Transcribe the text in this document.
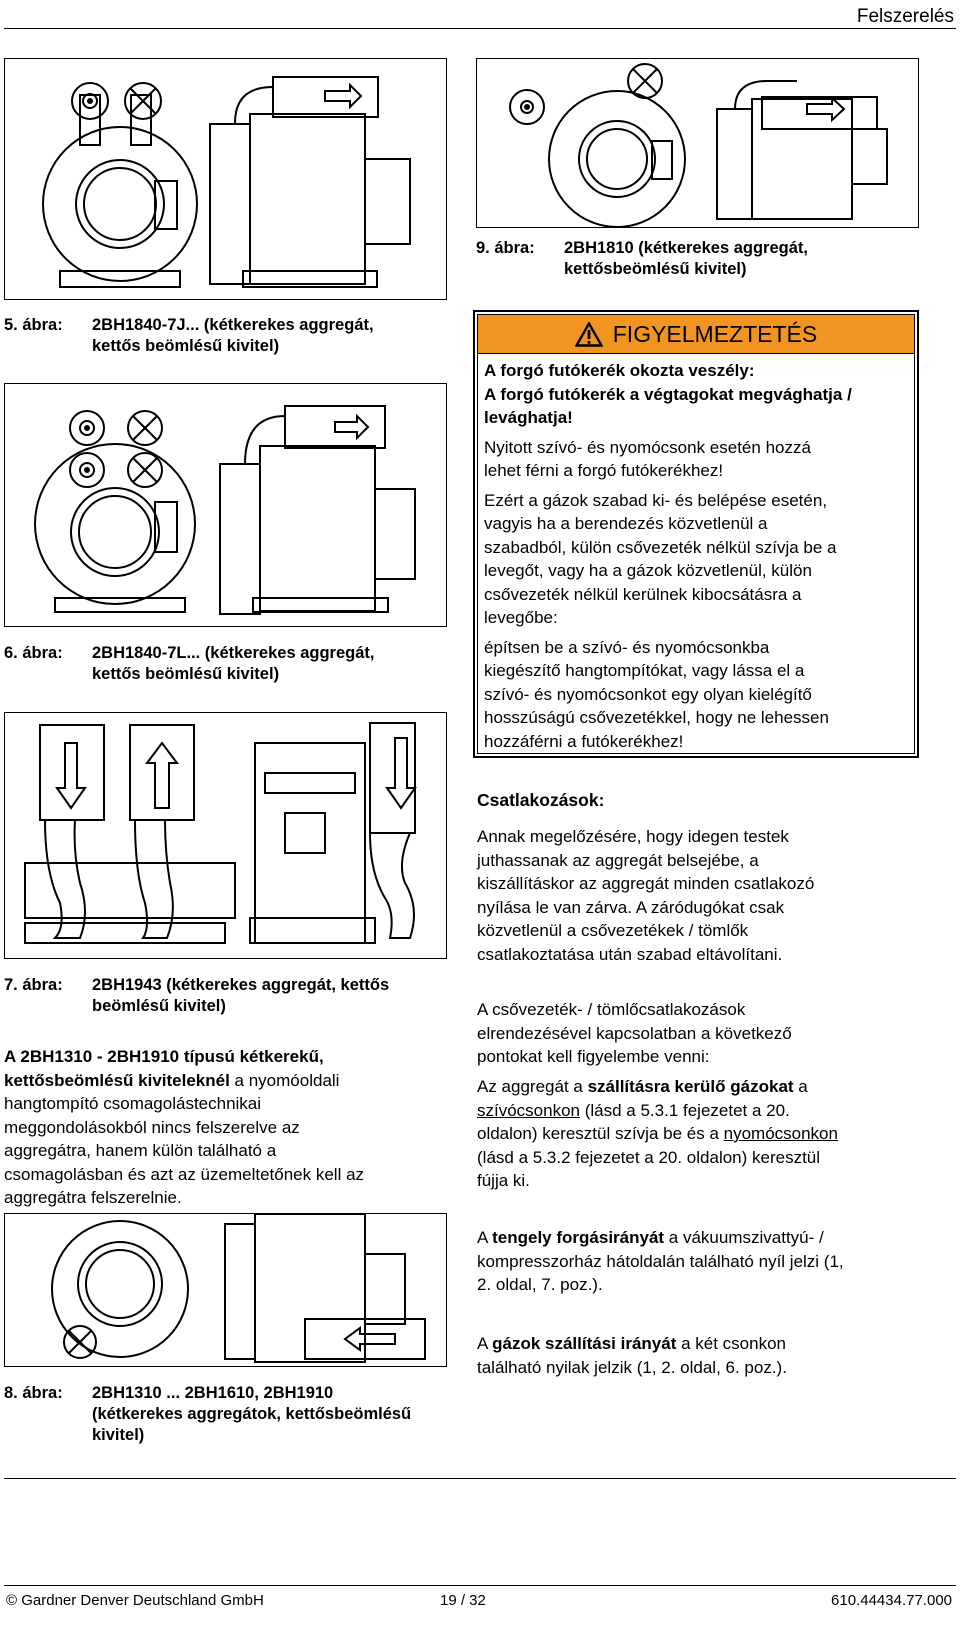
Felszerelés
5. ábra: 2BH1840-7J... (kétkerekes aggregát,
kettős beömlésű kivitel)
6. ábra: 2BH1840-7L... (kétkerekes aggregát,
kettős beömlésű kivitel)
7. ábra: 2BH1943 (kétkerekes aggregát, kettős
beömlésű kivitel)
A 2BH1310 - 2BH1910 típusú kétkerekű,
kettősbeömlésű kiviteleknél a nyomóoldali
hangtompító csomagolástechnikai
meggondolásokból nincs felszerelve az
aggregátra, hanem külön található a
csomagolásban és azt az üzemeltetőnek kell az
aggregátra felszerelnie.
8. ábra: 2BH1310 ... 2BH1610, 2BH1910
(kétkerekes aggregátok, kettősbeömlésű
kivitel)
9. ábra: 2BH1810 (kétkerekes aggregát,
kettősbeömlésű kivitel)
FIGYELMEZTETÉS

A forgó futókerék okozta veszély:
A forgó futókerék a végtagokat megvághatja /
levághatja!

Nyitott szívó- és nyomócsonk esetén hozzá
lehet férni a forgó futókerékhez!

Ezért a gázok szabad ki- és belépése esetén,
vagyis ha a berendezés közvetlenül a
szabadból, külön csővezeték nélkül szívja be a
levegőt, vagy ha a gázok közvetlenül, külön
csővezeték nélkül kerülnek kibocsátásra a
levegőbe:

építsen be a szívó- és nyomócsonkba
kiegészítő hangtompítókat, vagy lássa el a
szívó- és nyomócsonkot egy olyan kielégítő
hosszúságú csővezetékkel, hogy ne lehessen
hozzáférni a futókerékhez!

Csatlakozások:
Annak megelőzésére, hogy idegen testek
juthassanak az aggregát belsejébe, a
kiszállításkor az aggregát minden csatlakozó
nyílása le van zárva. A záródugókat csak
közvetlenül a csővezetékek / tömlők
csatlakoztatása után szabad eltávolítani.
A csővezeték- / tömlőcsatlakozások
elrendezésével kapcsolatban a következő
pontokat kell figyelembe venni:
Az aggregát a szállításra kerülő gázokat a
szívócsonkon (lásd a 5.3.1 fejezetet a 20.
oldalon) keresztül szívja be és a nyomócsonkon
(lásd a 5.3.2 fejezetet a 20. oldalon) keresztül
fújja ki.
A tengely forgásirányát a vákuumszivattyú- /
kompresszorház hátoldalán található nyíl jelzi (1,
2. oldal, 7. poz.).
A gázok szállítási irányát a két csonkon
található nyilak jelzik (1, 2. oldal, 6. poz.).
© Gardner Denver Deutschland GmbH	19 / 32	610.44434.77.000
